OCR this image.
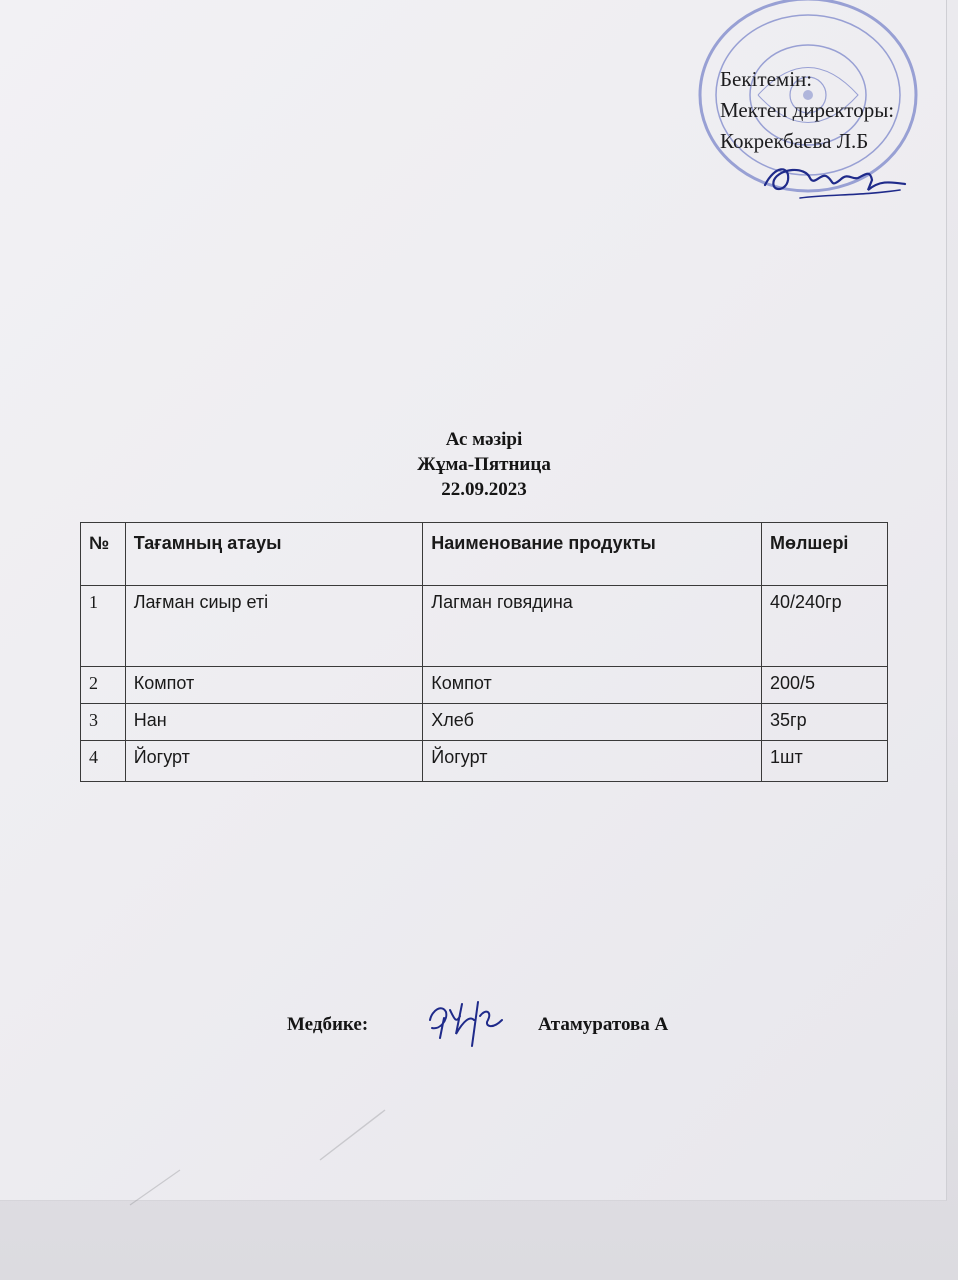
Бекітемін:
Мектеп директоры:
Кокрекбаева Л.Б
Ас мәзірі
Жұма-Пятница
22.09.2023
№	Тағамның атауы	Наименование продукты	Мөлшері
1	Лағман сиыр еті	Лагман говядина	40/240гр
2	Компот	Компот	200/5
3	Нан	Хлеб	35гр
4	Йогурт	Йогурт	1шт
Медбике:	Атамуратова А
